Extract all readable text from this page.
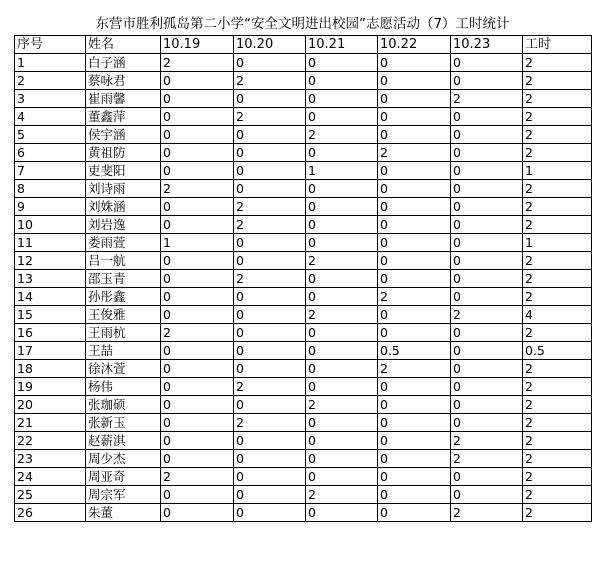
东营市胜利孤岛第二小学“安全文明进出校园”志愿活动（7）工时统计
序号	姓名	10.19	10.20	10.21	10.22	10.23	工时
1	白子涵	2	0	0	0	0	2
2	蔡咏君	0	2	0	0	0	2
3	崔雨馨	0	0	0	0	2	2
4	董鑫萍	0	2	0	0	0	2
5	侯宇涵	0	0	2	0	0	2
6	黄祖防	0	0	0	2	0	2
7	吏斐阳	0	0	1	0	0	1
8	刘诗雨	2	0	0	0	0	2
9	刘姝涵	0	2	0	0	0	2
10	刘岩逸	0	2	0	0	0	2
11	娄雨萱	1	0	0	0	0	1
12	吕一航	0	0	2	0	0	2
13	邵玉青	0	2	0	0	0	2
14	孙彤鑫	0	0	0	2	0	2
15	王俊雅	0	0	2	0	2	4
16	王雨杭	2	0	0	0	0	2
17	王喆	0	0	0	0.5	0	0.5
18	徐沐萱	0	0	0	2	0	2
19	杨伟	0	2	0	0	0	2
20	张珈硕	0	0	2	0	0	2
21	张新玉	0	2	0	0	0	2
22	赵薪淇	0	0	0	0	2	2
23	周少杰	0	0	0	0	2	2
24	周亚奇	2	0	0	0	0	2
25	周宗军	0	0	2	0	0	2
26	朱董	0	0	0	0	2	2
